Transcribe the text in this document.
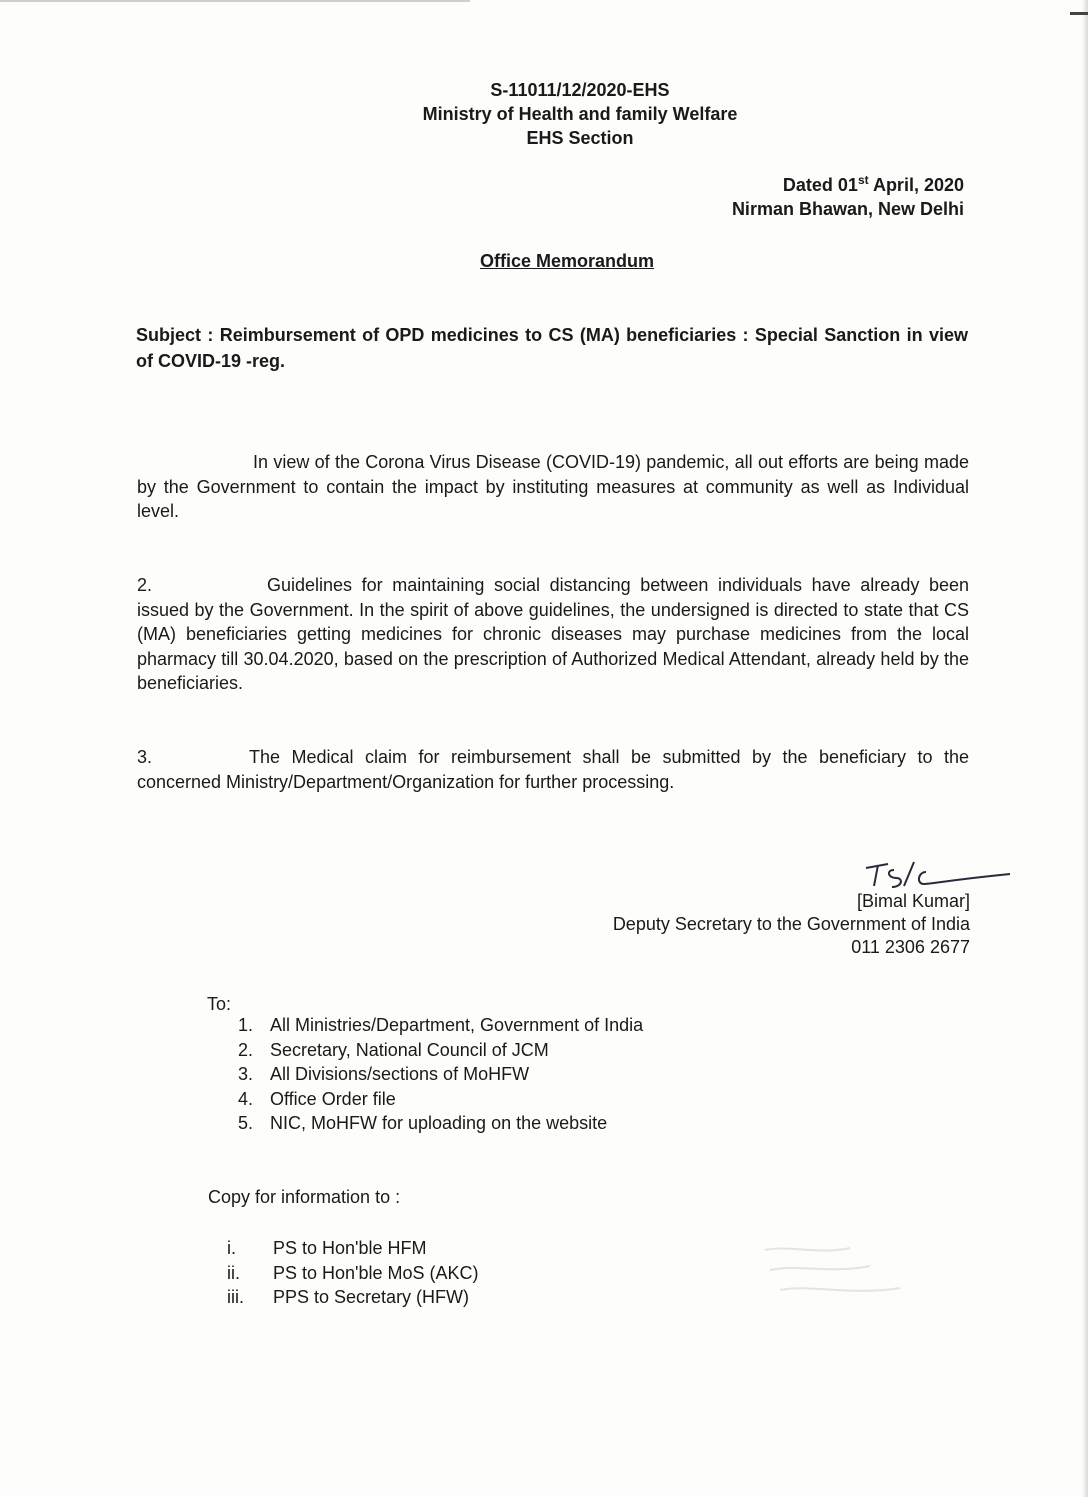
S-11011/12/2020-EHS
Ministry of Health and family Welfare
EHS Section
Dated 01st April, 2020
Nirman Bhawan, New Delhi
Office Memorandum
Subject : Reimbursement of OPD medicines to CS (MA) beneficiaries : Special Sanction in view of COVID-19 -reg.
In view of the Corona Virus Disease (COVID-19) pandemic, all out efforts are being made by the Government to contain the impact by instituting measures at community as well as Individual level.
2.	Guidelines for maintaining social distancing between individuals have already been issued by the Government. In the spirit of above guidelines, the undersigned is directed to state that CS (MA) beneficiaries getting medicines for chronic diseases may purchase medicines from the local pharmacy till 30.04.2020, based on the prescription of Authorized Medical Attendant, already held by the beneficiaries.
3.	The Medical claim for reimbursement shall be submitted by the beneficiary to the concerned Ministry/Department/Organization for further processing.
[Bimal Kumar]
Deputy Secretary to the Government of India
011 2306 2677
To:
1. All Ministries/Department, Government of India
2. Secretary, National Council of JCM
3. All Divisions/sections of MoHFW
4. Office Order file
5. NIC, MoHFW for uploading on the website
Copy for information to :
i. PS to Hon'ble HFM
ii. PS to Hon'ble MoS (AKC)
iii. PPS to Secretary (HFW)
